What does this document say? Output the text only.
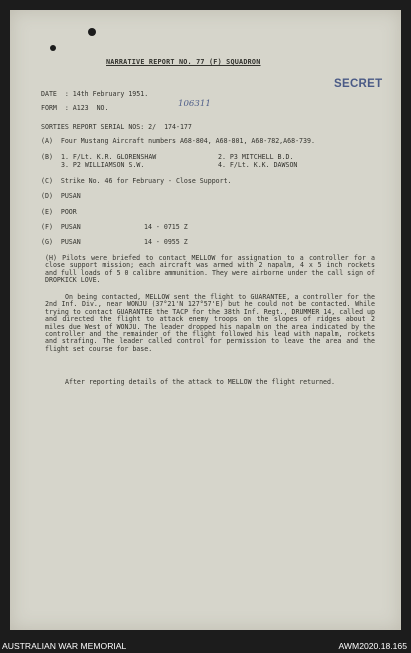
NARRATIVE REPORT NO. 77 (F) SQUADRON
SECRET
DATE  : 14th February 1951.
FORM  : A123  NO.	106311
SORTIES REPORT SERIAL NOS: 2/  174-177
(A)  Four Mustang Aircraft numbers A68-804, A68-801, A68-782,A68-739.
(B) 1. F/Lt. K.R. GLORENSHAW	2. P3 MITCHELL B.D.
3. P2 WILLIAMSON S.W.	4. F/Lt. K.K. DAWSON
(C)  Strike No. 46 for February - Close Support.
(D)  PUSAN
(E)  POOR
(F)  PUSAN	14 - 0715 Z
(G)  PUSAN	14 - 0955 Z
(H) Pilots were briefed to contact MELLOW for assignation to a controller for a close support mission; each aircraft was armed with 2 napalm, 4 x 5 inch rockets and full loads of 5 0 calibre ammunition. They were airborne under the call sign of DROPKICK LOVE.
On being contacted, MELLOW sent the flight to GUARANTEE, a controller for the 2nd Inf. Div., near WONJU (37°21'N 127°57'E) but he could not be contacted. While trying to contact GUARANTEE the TACP for the 38th Inf. Regt., DRUMMER 14, called up and directed the flight to attack enemy troops on the slopes of ridges about 2 miles due West of WONJU. The leader dropped his napalm on the area indicated by the controller and the remainder of the flight followed his lead with napalm, rockets and strafing. The leader called control for permission to leave the area and the flight set course for base.
After reporting details of the attack to MELLOW the flight returned.
AUSTRALIAN WAR MEMORIAL	AWM2020.18.165
